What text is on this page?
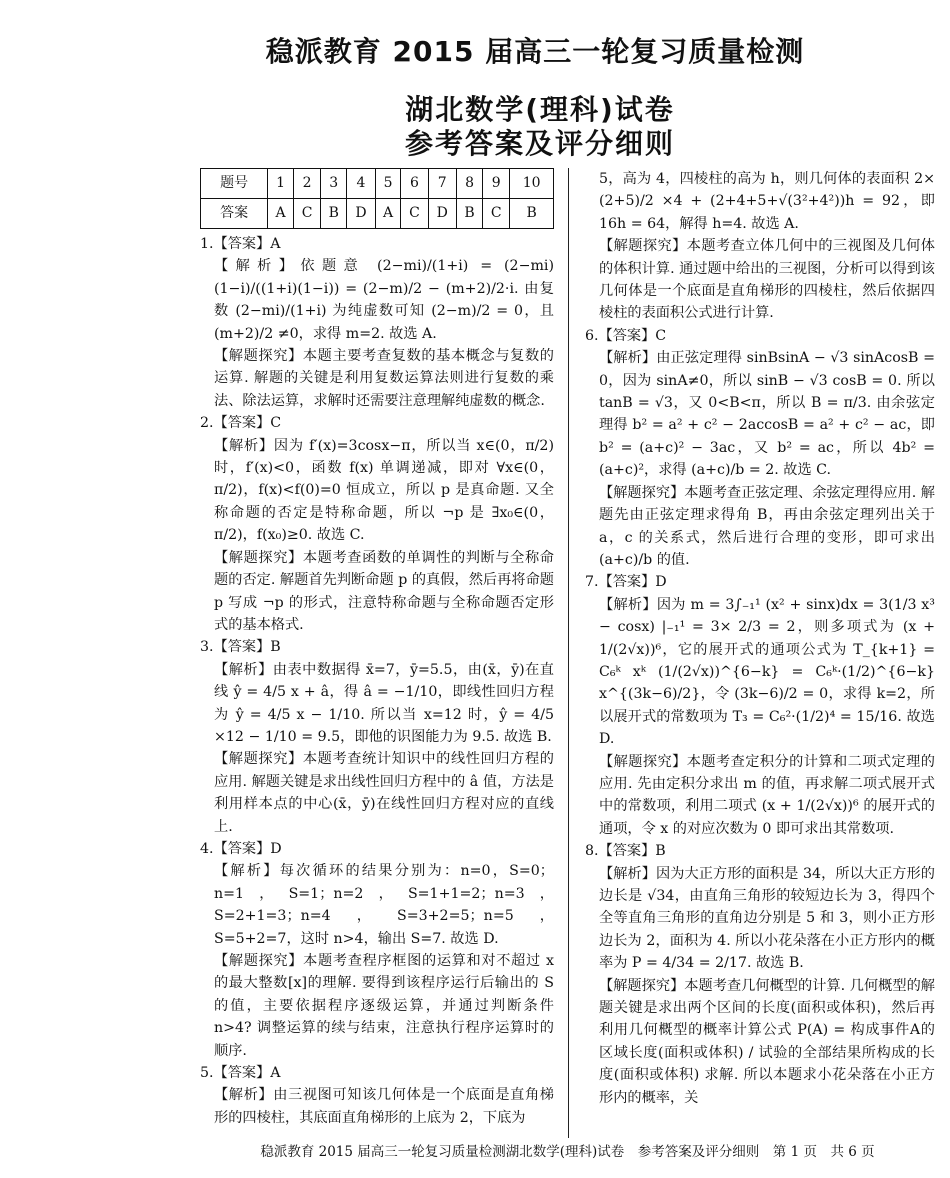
稳派教育 2015 届高三一轮复习质量检测
湖北数学(理科)试卷
参考答案及评分细则
题号	1	2	3	4	5	6	7	8	9	10
答案	A	C	B	D	A	C	D	B	C	B

1.【答案】A

【解析】依题意 (2−mi)/(1+i) = (2−mi)(1−i)/((1+i)(1−i)) = (2−m)/2 − (m+2)/2·i. 由复数 (2−mi)/(1+i) 为纯虚数可知 (2−m)/2 = 0，且 (m+2)/2 ≠0，求得 m=2. 故选 A.

【解题探究】本题主要考查复数的基本概念与复数的运算. 解题的关键是利用复数运算法则进行复数的乘法、除法运算，求解时还需要注意理解纯虚数的概念.

2.【答案】C

【解析】因为 f′(x)=3cosx−π，所以当 x∈(0，π/2) 时，f′(x)<0，函数 f(x) 单调递减，即对 ∀x∈(0，π/2)，f(x)<f(0)=0 恒成立，所以 p 是真命题. 又全称命题的否定是特称命题，所以 ¬p 是 ∃x₀∈(0，π/2)，f(x₀)≥0. 故选 C.

【解题探究】本题考查函数的单调性的判断与全称命题的否定. 解题首先判断命题 p 的真假，然后再将命题 p 写成 ¬p 的形式，注意特称命题与全称命题否定形式的基本格式.

3.【答案】B

【解析】由表中数据得 x̄=7，ȳ=5.5，由(x̄，ȳ)在直线 ŷ = 4/5 x + â，得 â = −1/10，即线性回归方程为 ŷ = 4/5 x − 1/10. 所以当 x=12 时，ŷ = 4/5 ×12 − 1/10 = 9.5，即他的识图能力为 9.5. 故选 B.

【解题探究】本题考查统计知识中的线性回归方程的应用. 解题关键是求出线性回归方程中的 â 值，方法是利用样本点的中心(x̄，ȳ)在线性回归方程对应的直线上.

4.【答案】D

【解析】每次循环的结果分别为：n=0，S=0；n=1，S=1；n=2，S=1+1=2；n=3，S=2+1=3；n=4，S=3+2=5；n=5，S=5+2=7，这时 n>4，输出 S=7. 故选 D.

【解题探究】本题考查程序框图的运算和对不超过 x 的最大整数[x]的理解. 要得到该程序运行后输出的 S 的值，主要依据程序逐级运算，并通过判断条件 n>4? 调整运算的续与结束，注意执行程序运算时的顺序.

5.【答案】A

【解析】由三视图可知该几何体是一个底面是直角梯形的四棱柱，其底面直角梯形的上底为 2，下底为

5，高为 4，四棱柱的高为 h，则几何体的表面积 2× (2+5)/2 ×4 + (2+4+5+√(3²+4²))h = 92，即 16h = 64，解得 h=4. 故选 A.

【解题探究】本题考查立体几何中的三视图及几何体的体积计算. 通过题中给出的三视图，分析可以得到该几何体是一个底面是直角梯形的四棱柱，然后依据四棱柱的表面积公式进行计算.

6.【答案】C

【解析】由正弦定理得 sinBsinA − √3 sinAcosB = 0，因为 sinA≠0，所以 sinB − √3 cosB = 0. 所以 tanB = √3，又 0<B<π，所以 B = π/3. 由余弦定理得 b² = a² + c² − 2accosB = a² + c² − ac，即 b² = (a+c)² − 3ac，又 b² = ac，所以 4b² = (a+c)²，求得 (a+c)/b = 2. 故选 C.

【解题探究】本题考查正弦定理、余弦定理得应用. 解题先由正弦定理求得角 B，再由余弦定理列出关于 a，c 的关系式，然后进行合理的变形，即可求出 (a+c)/b 的值.

7.【答案】D

【解析】因为 m = 3∫₋₁¹ (x² + sinx)dx = 3(1/3 x³ − cosx) |₋₁¹ = 3× 2/3 = 2，则多项式为 (x + 1/(2√x))⁶，它的展开式的通项公式为 T_{k+1} = C₆ᵏ xᵏ (1/(2√x))^{6−k} = C₆ᵏ·(1/2)^{6−k} x^{(3k−6)/2}，令 (3k−6)/2 = 0，求得 k=2，所以展开式的常数项为 T₃ = C₆²·(1/2)⁴ = 15/16. 故选 D.

【解题探究】本题考查定积分的计算和二项式定理的应用. 先由定积分求出 m 的值，再求解二项式展开式中的常数项，利用二项式 (x + 1/(2√x))⁶ 的展开式的通项，令 x 的对应次数为 0 即可求出其常数项.

8.【答案】B

【解析】因为大正方形的面积是 34，所以大正方形的边长是 √34，由直角三角形的较短边长为 3，得四个全等直角三角形的直角边分别是 5 和 3，则小正方形边长为 2，面积为 4. 所以小花朵落在小正方形内的概率为 P = 4/34 = 2/17. 故选 B.

【解题探究】本题考查几何概型的计算. 几何概型的解题关键是求出两个区间的长度(面积或体积)，然后再利用几何概型的概率计算公式 P(A) = 构成事件A的区域长度(面积或体积) / 试验的全部结果所构成的长度(面积或体积) 求解. 所以本题求小花朵落在小正方形内的概率，关

稳派教育 2015 届高三一轮复习质量检测湖北数学(理科)试卷　参考答案及评分细则　第 1 页　共 6 页
